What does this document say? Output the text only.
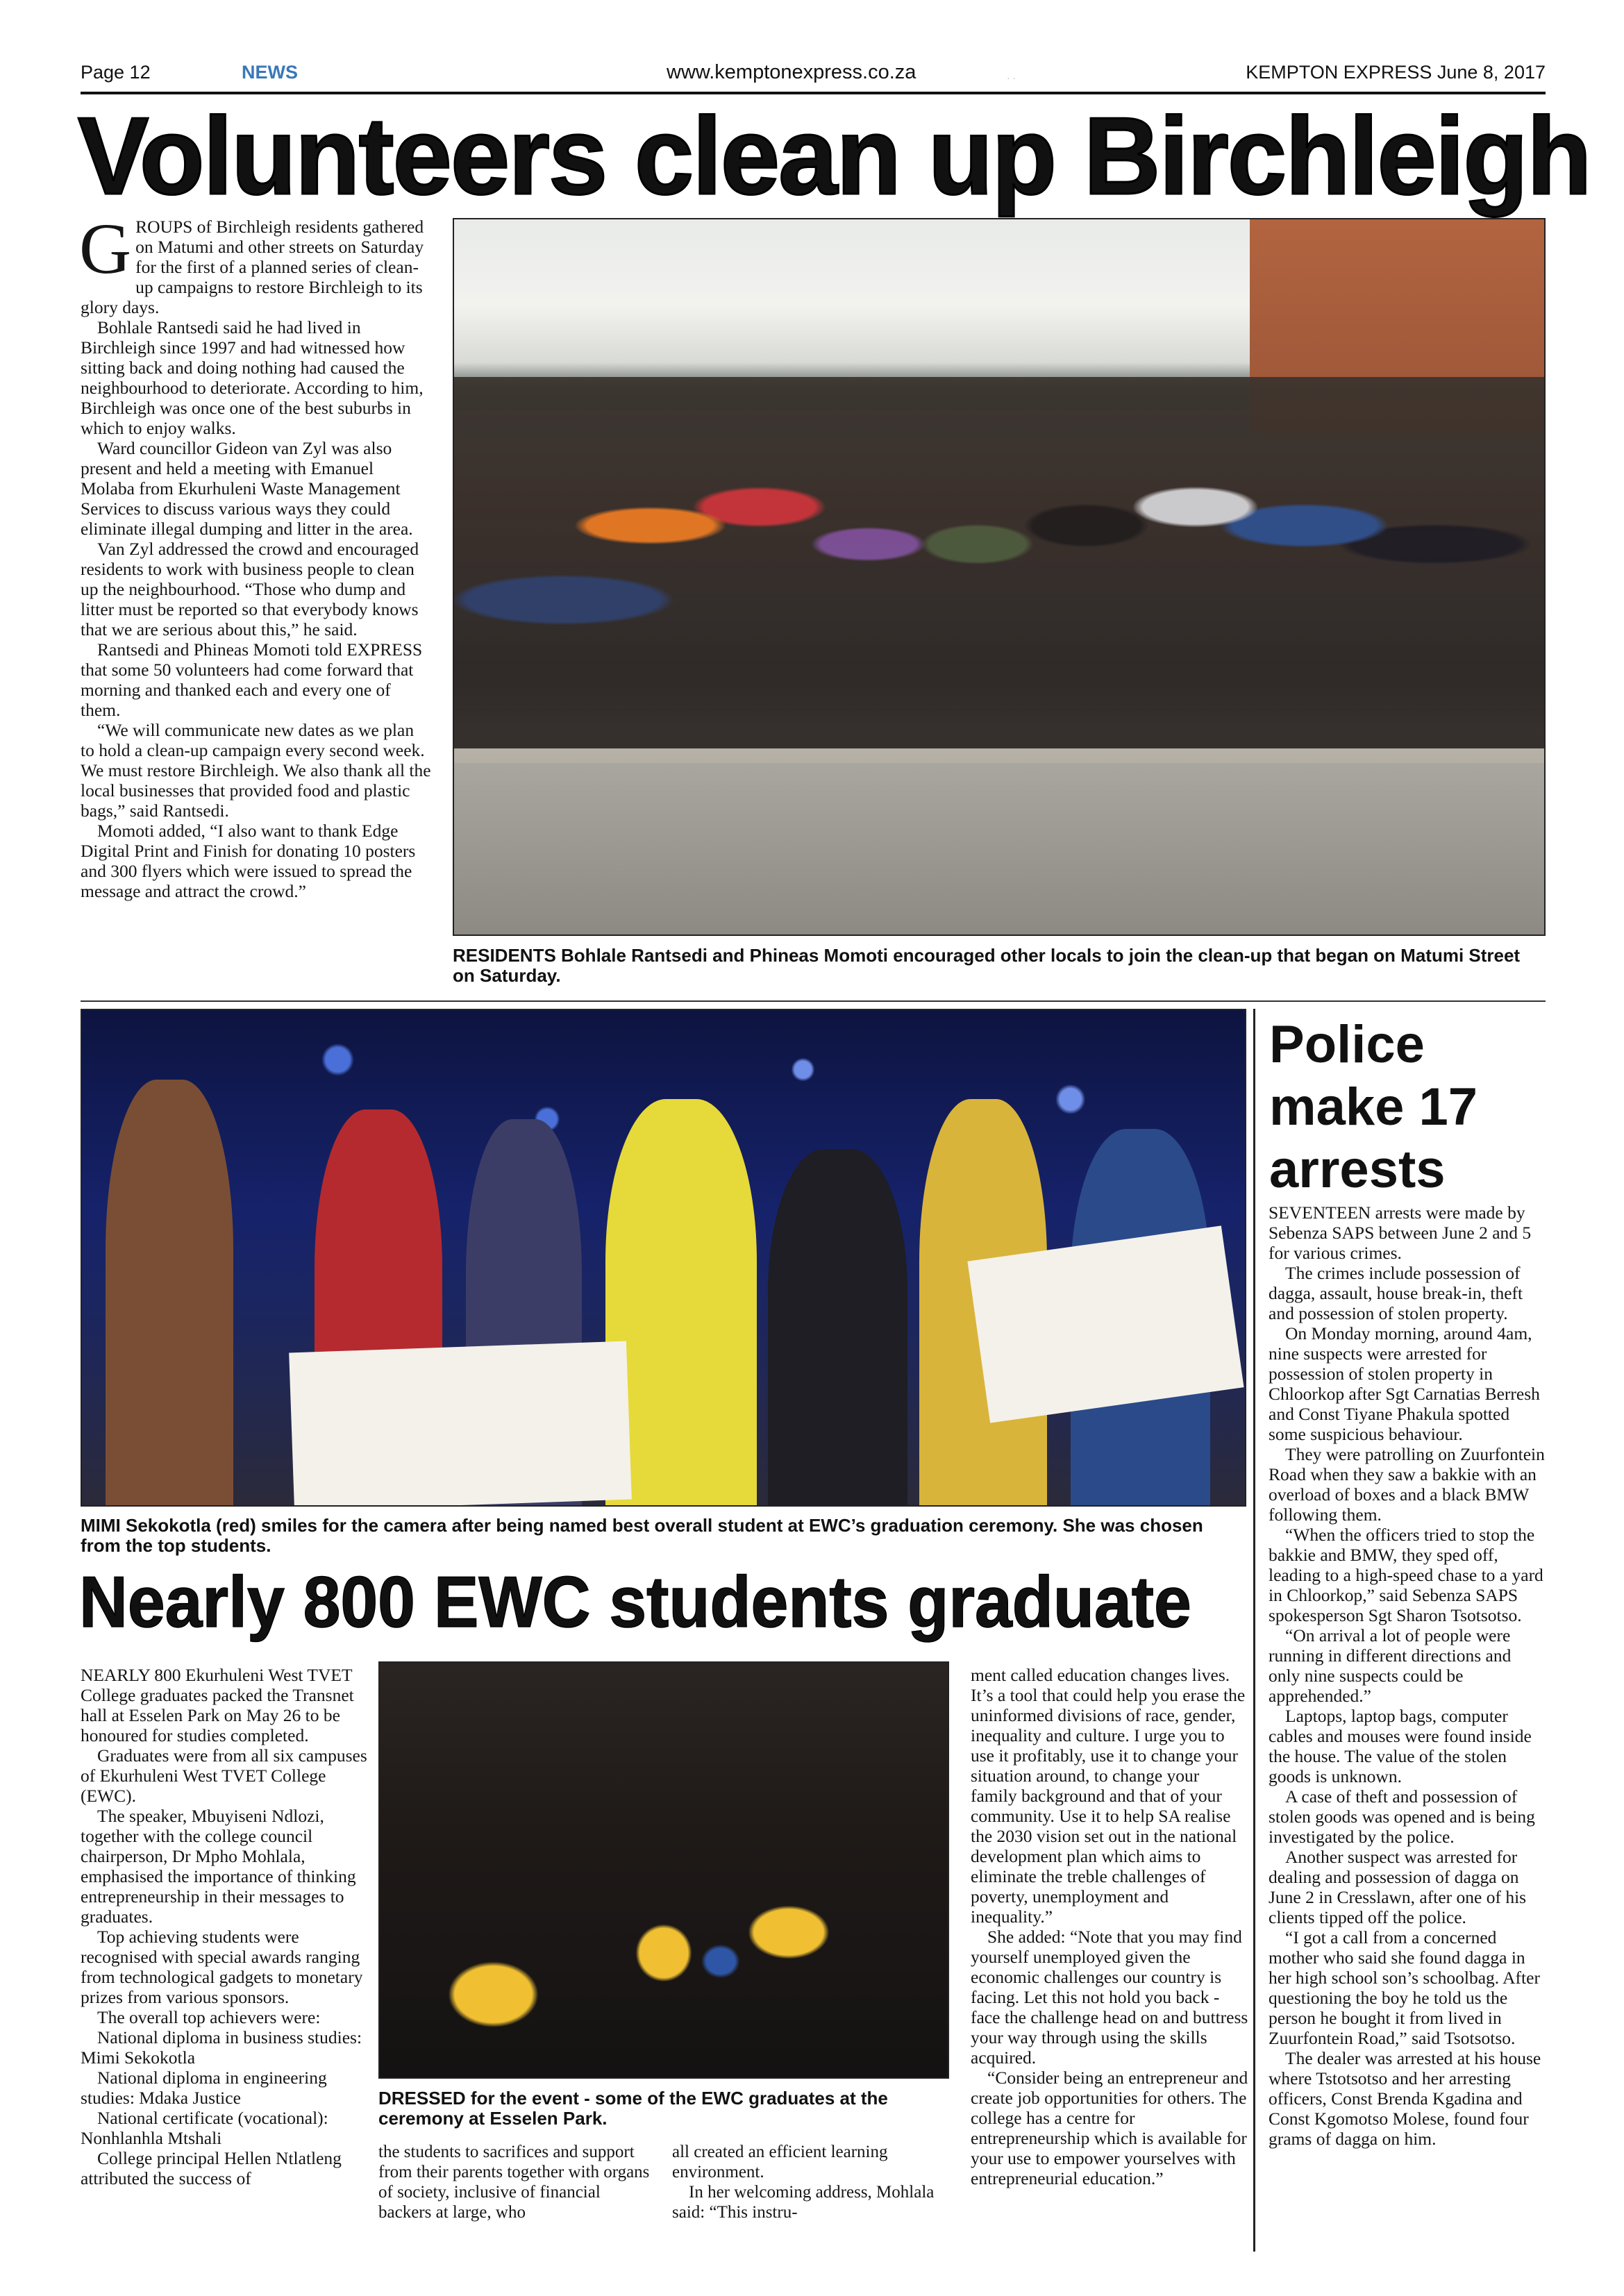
Page 12	NEWS	www.kemptonexpress.co.za	· ·	KEMPTON EXPRESS June 8, 2017
Volunteers clean up Birchleigh

GROUPS of Birchleigh residents gathered on Matumi and other streets on Saturday for the first of a planned series of clean-up campaigns to restore Birchleigh to its glory days.

Bohlale Rantsedi said he had lived in Birchleigh since 1997 and had witnessed how sitting back and doing nothing had caused the neighbourhood to deteriorate. According to him, Birchleigh was once one of the best suburbs in which to enjoy walks.

Ward councillor Gideon van Zyl was also present and held a meeting with Emanuel Molaba from Ekurhuleni Waste Management Services to discuss various ways they could eliminate illegal dumping and litter in the area.

Van Zyl addressed the crowd and encouraged residents to work with business people to clean up the neighbourhood. “Those who dump and litter must be reported so that everybody knows that we are serious about this,” he said.

Rantsedi and Phineas Momoti told EXPRESS that some 50 volunteers had come forward that morning and thanked each and every one of them.

“We will communicate new dates as we plan to hold a clean-up campaign every second week. We must restore Birchleigh. We also thank all the local businesses that provided food and plastic bags,” said Rantsedi.

Momoti added, “I also want to thank Edge Digital Print and Finish for donating 10 posters and 300 flyers which were issued to spread the message and attract the crowd.”

RESIDENTS Bohlale Rantsedi and Phineas Momoti encouraged other locals to join the clean-up that began on Matumi Street on Saturday.
MIMI Sekokotla (red) smiles for the camera after being named best overall student at EWC’s graduation ceremony. She was chosen from the top students.
Nearly 800 EWC students graduate

NEARLY 800 Ekurhuleni West TVET College graduates packed the Transnet hall at Esselen Park on May 26 to be honoured for studies completed.

Graduates were from all six campuses of Ekurhuleni West TVET College (EWC).

The speaker, Mbuyiseni Ndlozi, together with the college council chairperson, Dr Mpho Mohlala, emphasised the importance of thinking entrepreneurship in their messages to graduates.

Top achieving students were recognised with special awards ranging from technological gadgets to monetary prizes from various sponsors.

The overall top achievers were:

National diploma in business studies: Mimi Sekokotla

National diploma in engineering studies: Mdaka Justice

National certificate (vocational): Nonhlanhla Mtshali

College principal Hellen Ntlatleng attributed the success of

DRESSED for the event - some of the EWC graduates at the ceremony at Esselen Park.

the students to sacrifices and support from their parents together with organs of society, inclusive of financial backers at large, who

all created an efficient learning environment.

In her welcoming address, Mohlala said: “This instru-

ment called education changes lives. It’s a tool that could help you erase the uninformed divisions of race, gender, inequality and culture. I urge you to use it profitably, use it to change your situation around, to change your family background and that of your community. Use it to help SA realise the 2030 vision set out in the national development plan which aims to eliminate the treble challenges of poverty, unemployment and inequality.”

She added: “Note that you may find yourself unemployed given the economic challenges our country is facing. Let this not hold you back - face the challenge head on and buttress your way through using the skills acquired.

“Consider being an entrepreneur and create job opportunities for others. The college has a centre for entrepreneurship which is available for your use to empower yourselves with entrepreneurial education.”

Police make 17 arrests

SEVENTEEN arrests were made by Sebenza SAPS between June 2 and 5 for various crimes.

The crimes include possession of dagga, assault, house break-in, theft and possession of stolen property.

On Monday morning, around 4am, nine suspects were arrested for possession of stolen property in Chloorkop after Sgt Carnatias Berresh and Const Tiyane Phakula spotted some suspicious behaviour.

They were patrolling on Zuurfontein Road when they saw a bakkie with an overload of boxes and a black BMW following them.

“When the officers tried to stop the bakkie and BMW, they sped off, leading to a high-speed chase to a yard in Chloorkop,” said Sebenza SAPS spokesperson Sgt Sharon Tsotsotso.

“On arrival a lot of people were running in different directions and only nine suspects could be apprehended.”

Laptops, laptop bags, computer cables and mouses were found inside the house. The value of the stolen goods is unknown.

A case of theft and possession of stolen goods was opened and is being investigated by the police.

Another suspect was arrested for dealing and possession of dagga on June 2 in Cresslawn, after one of his clients tipped off the police.

“I got a call from a concerned mother who said she found dagga in her high school son’s schoolbag. After questioning the boy he told us the person he bought it from lived in Zuurfontein Road,” said Tsotsotso.

The dealer was arrested at his house where Tstotsotso and her arresting officers, Const Brenda Kgadina and Const Kgomotso Molese, found four grams of dagga on him.
